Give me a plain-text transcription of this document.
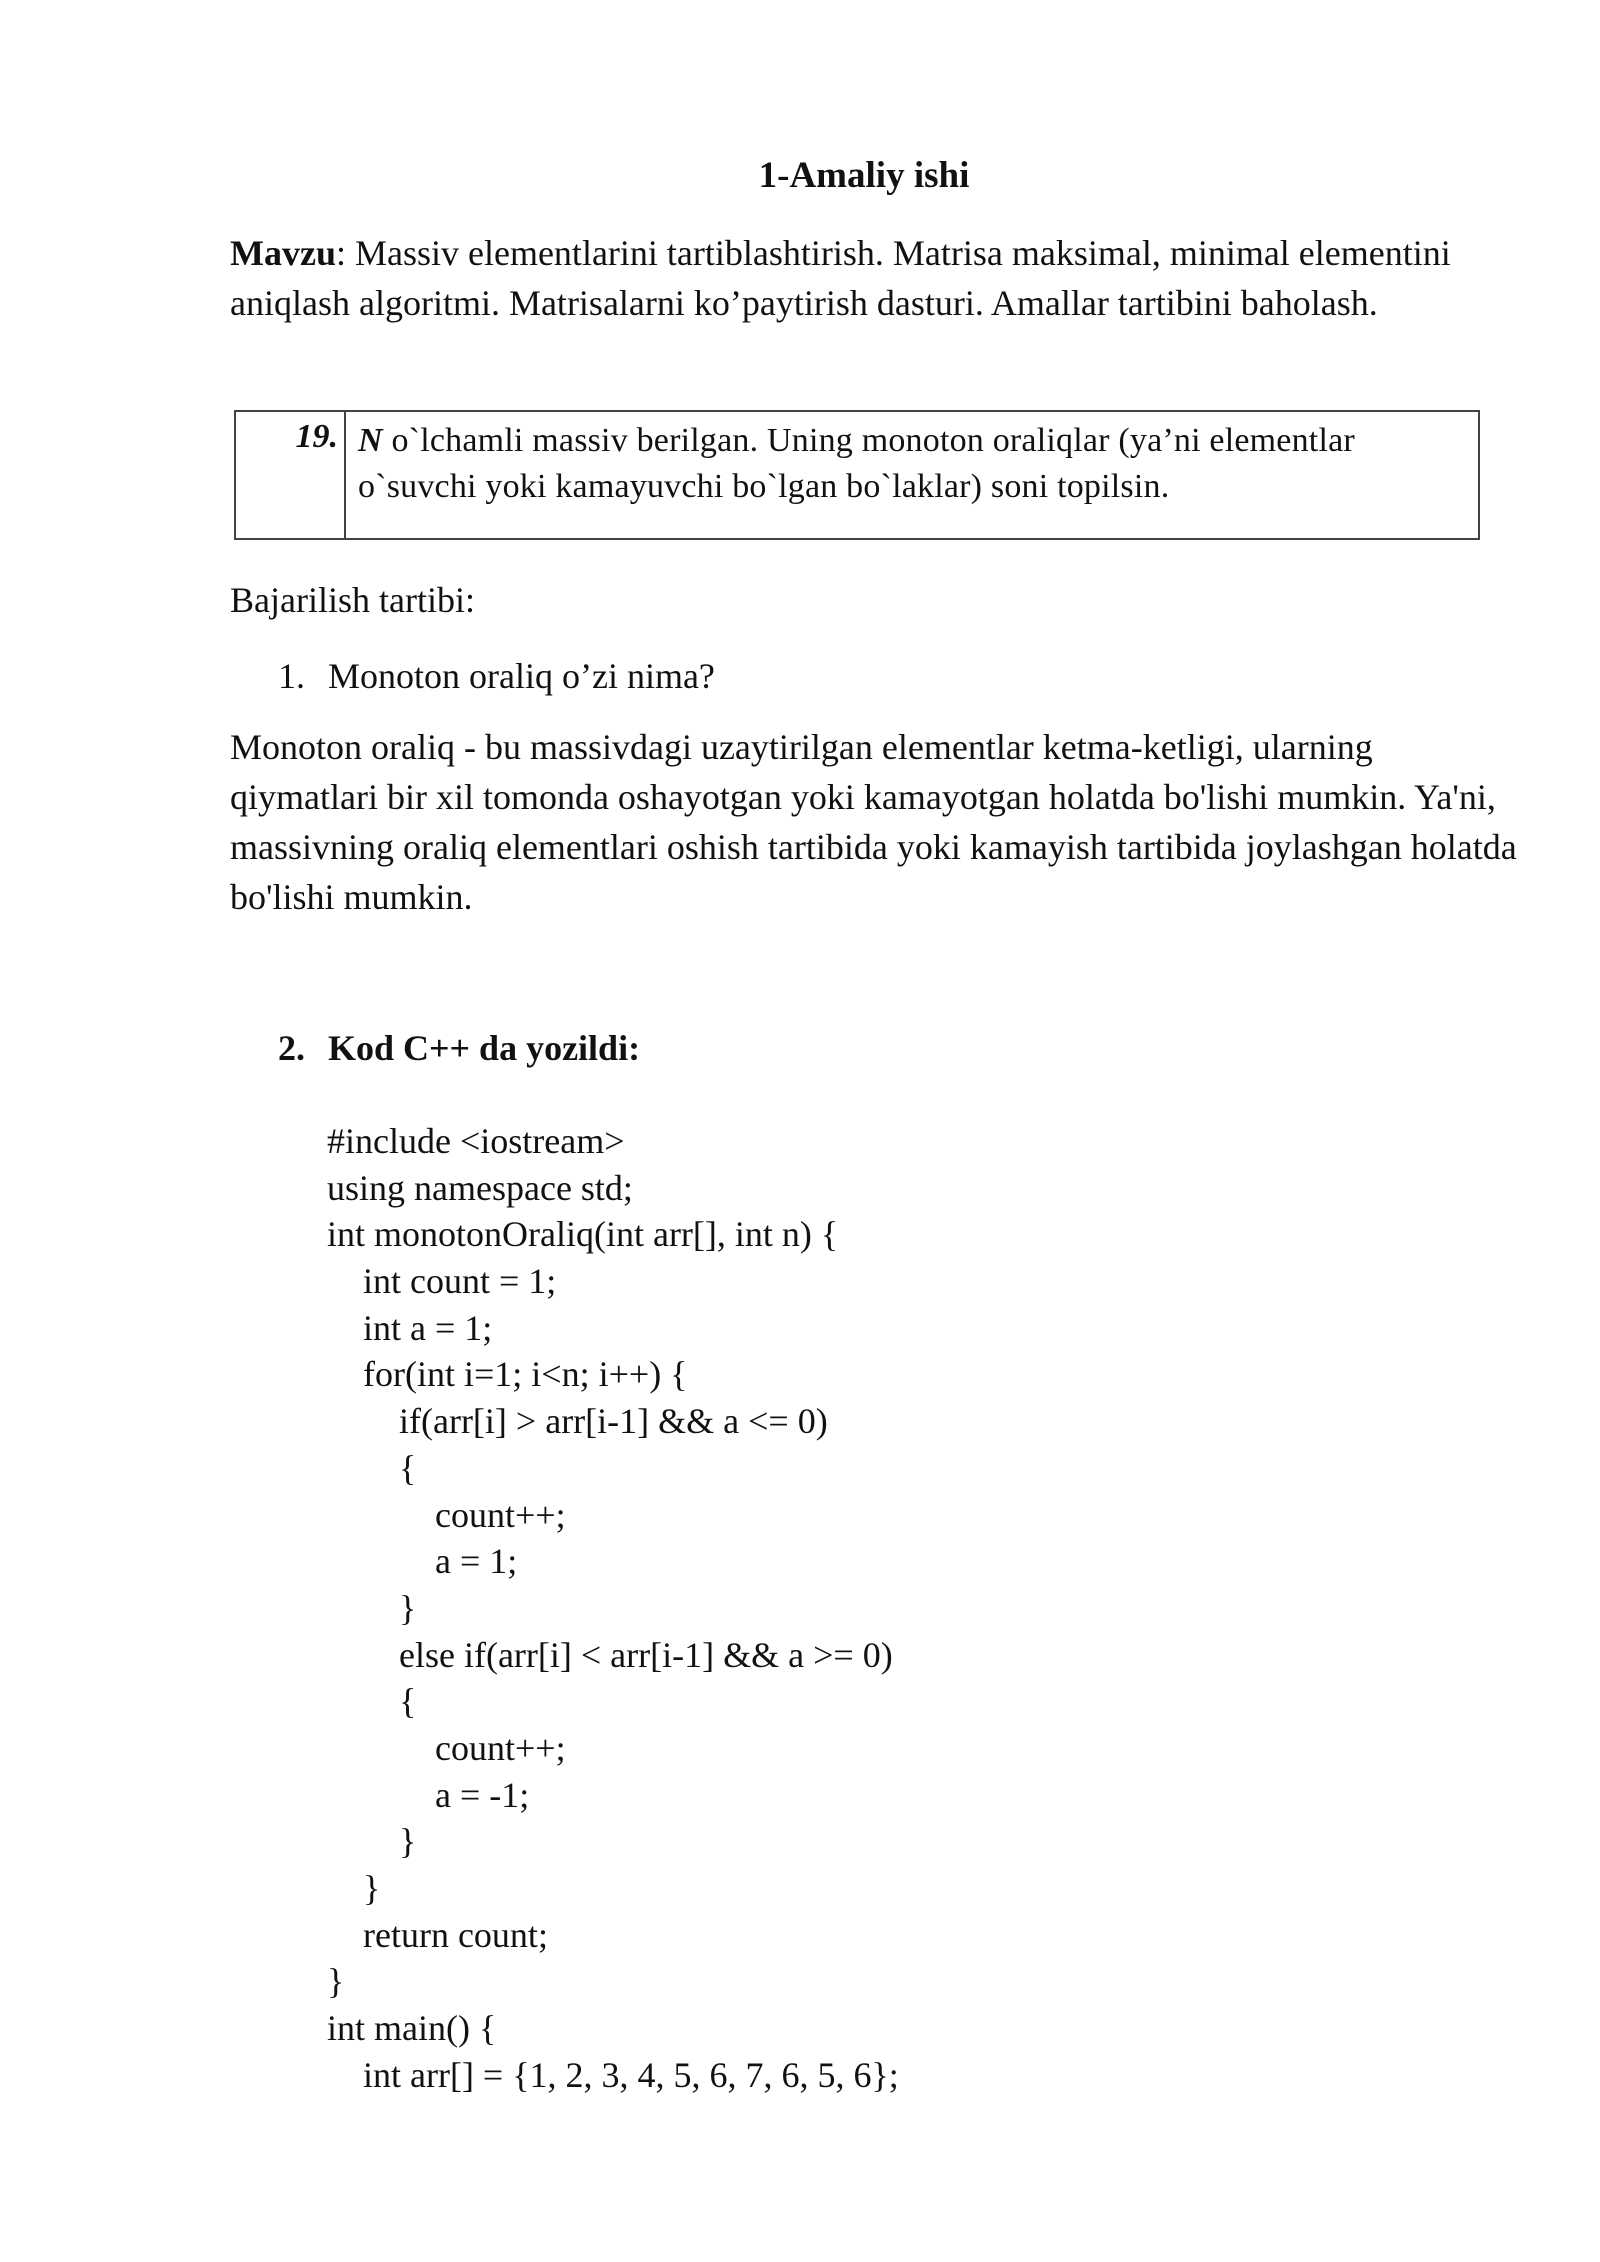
1-Amaliy ishi
Mavzu: Massiv elementlarini tartiblashtirish. Matrisa maksimal, minimal elementini aniqlash algoritmi. Matrisalarni ko’paytirish dasturi. Amallar tartibini baholash.
19. N o`lchamli massiv berilgan. Uning monoton oraliqlar (ya’ni elementlar o`suvchi yoki kamayuvchi bo`lgan bo`laklar) soni topilsin.
Bajarilish tartibi:
1. Monoton oraliq o’zi nima?
Monoton oraliq - bu massivdagi uzaytirilgan elementlar ketma-ketligi, ularning qiymatlari bir xil tomonda oshayotgan yoki kamayotgan holatda bo'lishi mumkin. Ya'ni, massivning oraliq elementlari oshish tartibida yoki kamayish tartibida joylashgan holatda bo'lishi mumkin.
2. Kod C++ da yozildi:
#include <iostream>
using namespace std;
int monotonOraliq(int arr[], int n) {
int count = 1;
int a = 1;
for(int i=1; i<n; i++) {
if(arr[i] > arr[i-1] && a <= 0)
{
count++;
a = 1;
}
else if(arr[i] < arr[i-1] && a >= 0)
{
count++;
a = -1;
}
}
return count;
}
int main() {
int arr[] = {1, 2, 3, 4, 5, 6, 7, 6, 5, 6};
